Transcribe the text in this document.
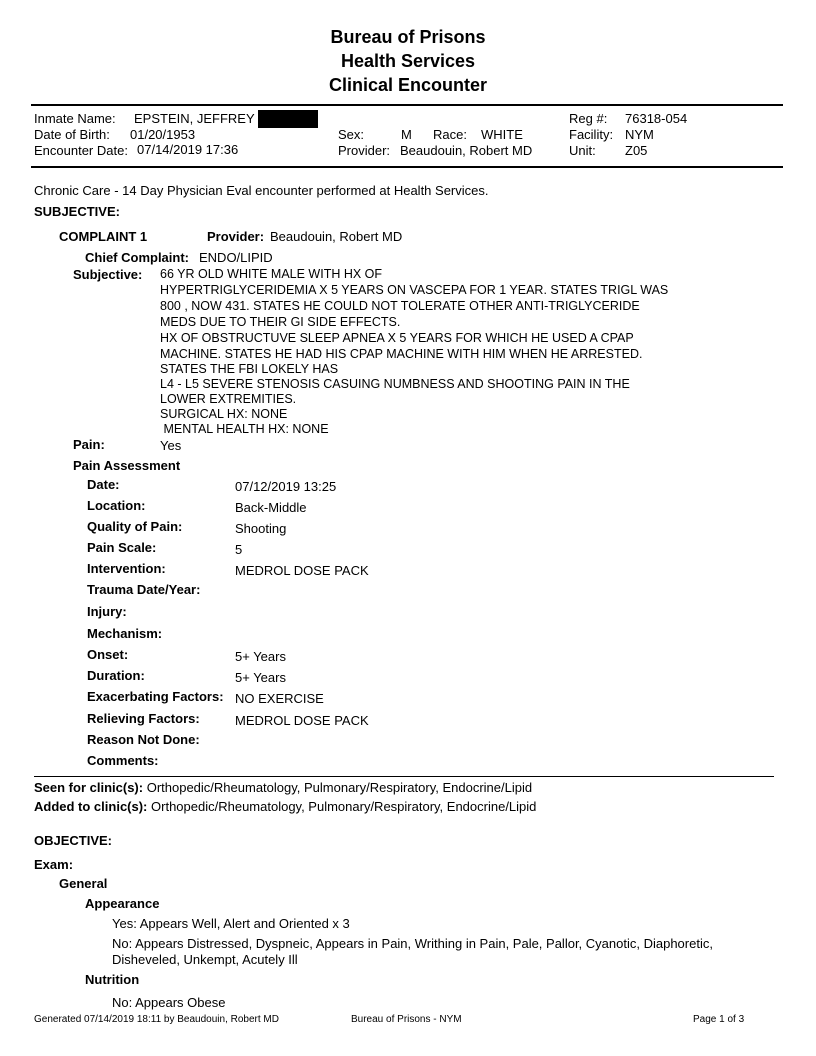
Bureau of Prisons
Health Services
Clinical Encounter
Inmate Name: EPSTEIN, JEFFREY
Date of Birth: 01/20/1953
Encounter Date: 07/14/2019 17:36
Sex:	M Race: WHITE
Provider: Beaudouin, Robert MD
Reg #: 76318-054
Facility: NYM
Unit: Z05
Chronic Care - 14 Day Physician Eval encounter performed at Health Services.
SUBJECTIVE:
COMPLAINT 1	Provider: Beaudouin, Robert MD
Chief Complaint: ENDO/LIPID
Subjective: 66 YR OLD WHITE MALE WITH HX OF
HYPERTRIGLYCERIDEMIA X 5 YEARS ON VASCEPA FOR 1 YEAR. STATES TRIGL WAS
800 , NOW 431. STATES HE COULD NOT TOLERATE OTHER ANTI-TRIGLYCERIDE
MEDS DUE TO THEIR GI SIDE EFFECTS.
HX OF OBSTRUCTUVE SLEEP APNEA X 5 YEARS FOR WHICH HE USED A CPAP
MACHINE. STATES HE HAD HIS CPAP MACHINE WITH HIM WHEN HE ARRESTED.
STATES THE FBI LOKELY HAS
L4 - L5 SEVERE STENOSIS CASUING NUMBNESS AND SHOOTING PAIN IN THE
LOWER EXTREMITIES.
SURGICAL HX: NONE
MENTAL HEALTH HX: NONE
Pain:	Yes
Pain Assessment
Date:	07/12/2019 13:25
Location:	Back-Middle
Quality of Pain:	Shooting
Pain Scale:	5
Intervention:	MEDROL DOSE PACK
Trauma Date/Year:
Injury:
Mechanism:
Onset:	5+ Years
Duration:	5+ Years
Exacerbating Factors: NO EXERCISE
Relieving Factors:	MEDROL DOSE PACK
Reason Not Done:
Comments:
Seen for clinic(s): Orthopedic/Rheumatology, Pulmonary/Respiratory, Endocrine/Lipid
Added to clinic(s): Orthopedic/Rheumatology, Pulmonary/Respiratory, Endocrine/Lipid
OBJECTIVE:
Exam:
General
Appearance
Yes: Appears Well, Alert and Oriented x 3
No: Appears Distressed, Dyspneic, Appears in Pain, Writhing in Pain, Pale, Pallor, Cyanotic, Diaphoretic,
Disheveled, Unkempt, Acutely Ill
Nutrition
No: Appears Obese
Generated 07/14/2019 18:11 by Beaudouin, Robert MD	Bureau of Prisons - NYM	Page 1 of 3
